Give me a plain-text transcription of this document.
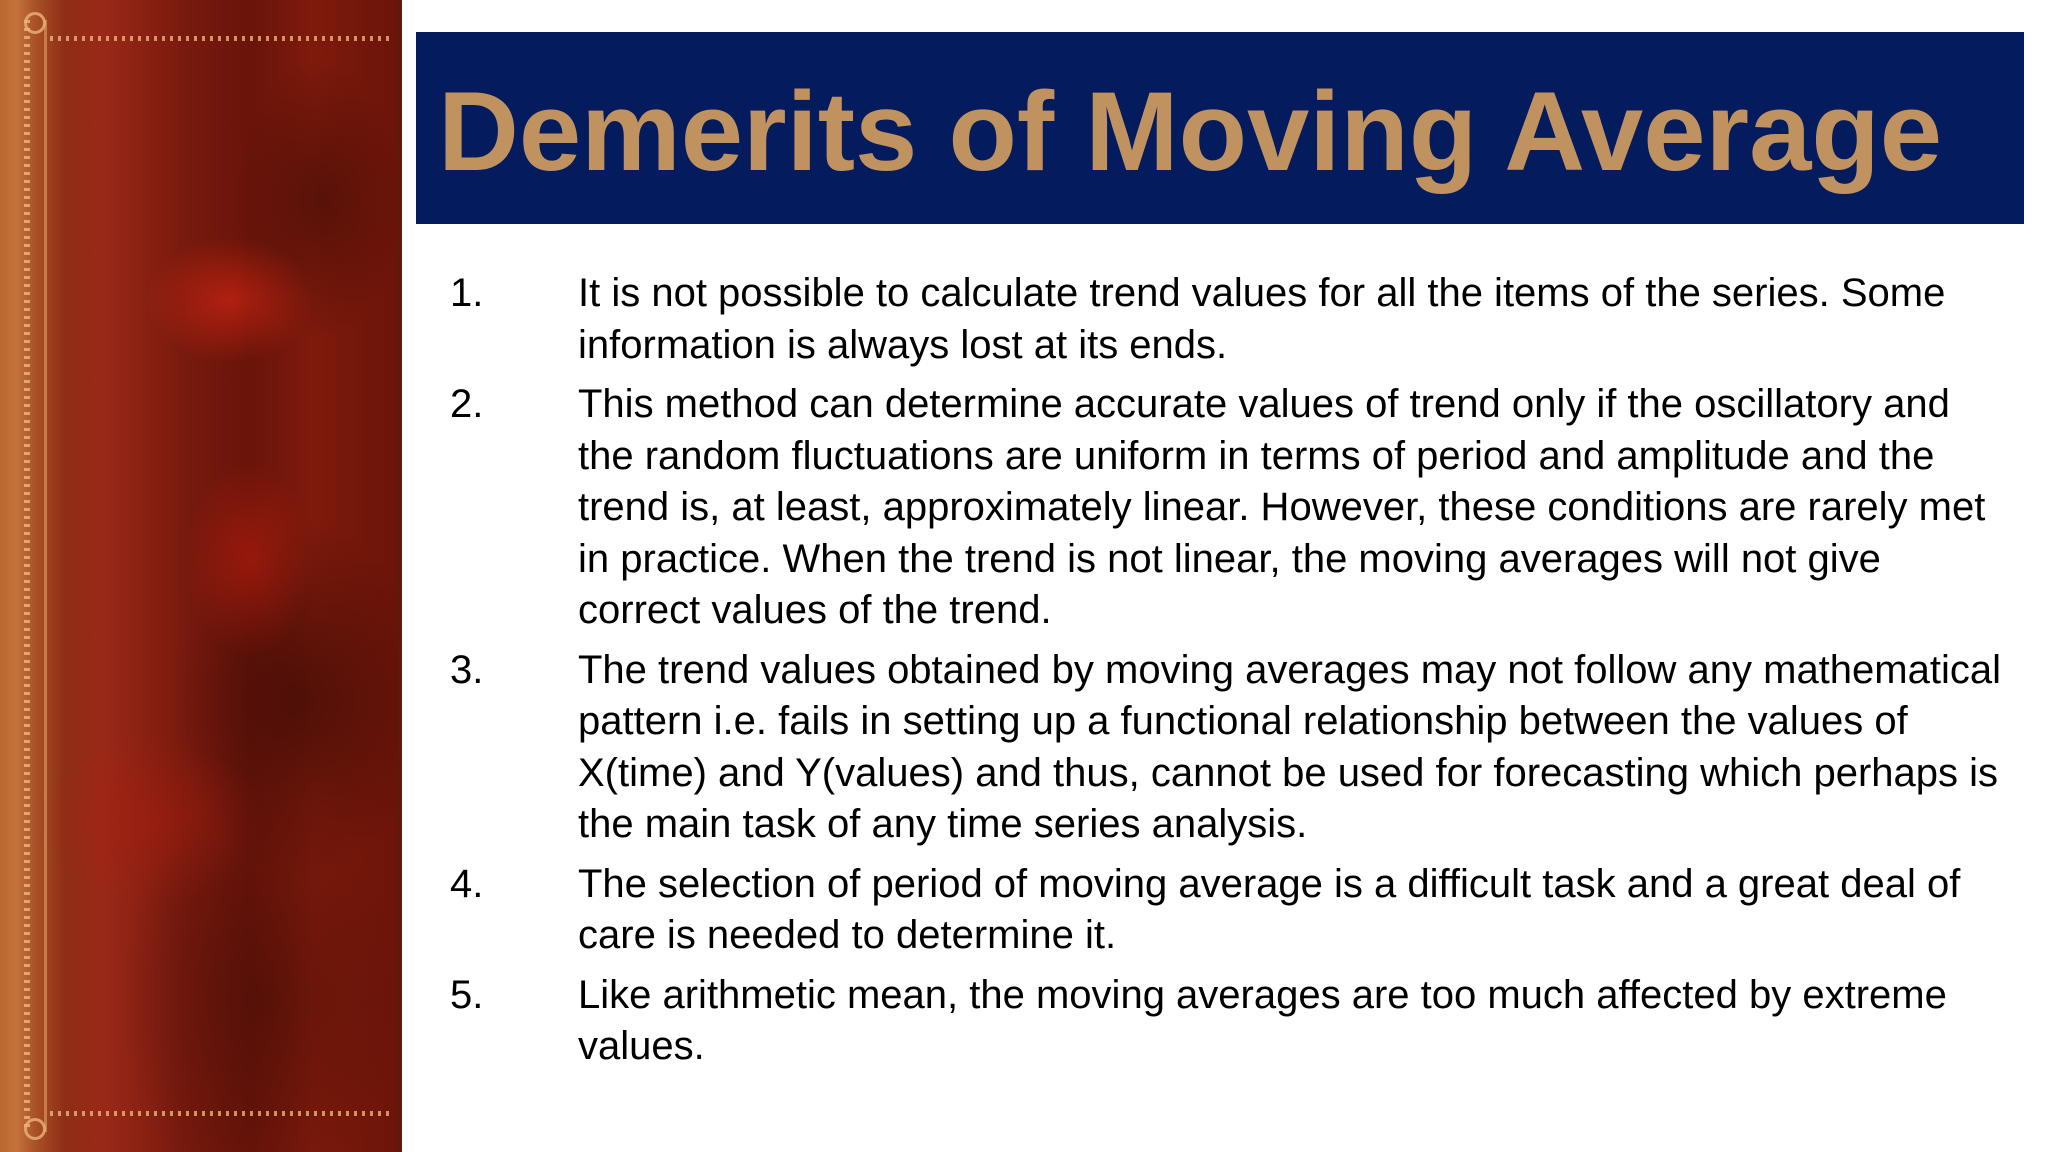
Demerits of Moving Average
1.	It is not possible to calculate trend values for all the items of the series. Some information is always lost at its ends.
2.	This method can determine accurate values of trend only if the oscillatory and the random fluctuations are uniform in terms of period and amplitude and the trend is, at least, approximately linear. However, these conditions are rarely met in practice. When the trend is not linear, the moving averages will not give correct values of the trend.
3.	The trend values obtained by moving averages may not follow any mathematical pattern i.e. fails in setting up a functional relationship between the values of X(time) and Y(values) and thus, cannot be used for forecasting which perhaps is the main task of any time series analysis.
4.	The selection of period of moving average is a difficult task and a great deal of care is needed to determine it.
5.	Like arithmetic mean, the moving averages are too much affected by extreme values.
